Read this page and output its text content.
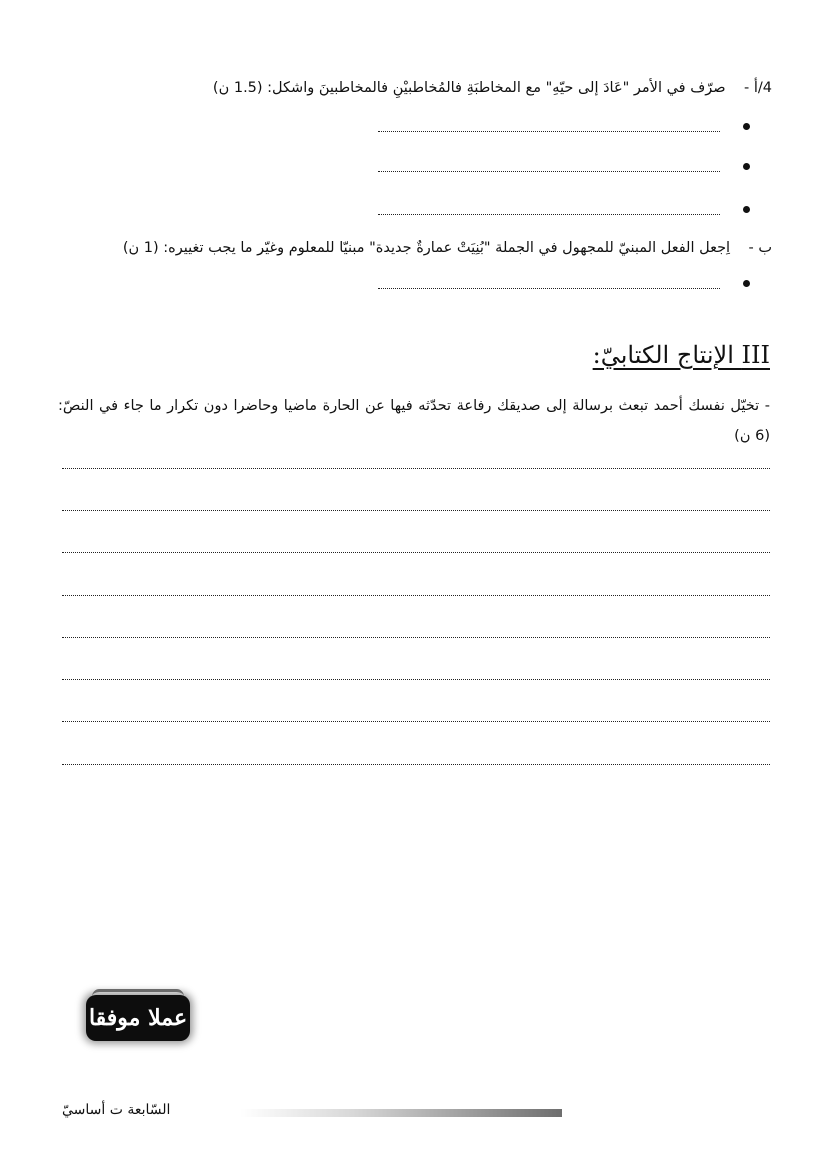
4/أ -    صرّف في الأمر "عَادَ إلى حيّهِ" مع المخاطبَةِ فالمُخاطبيْنِ فالمخاطبينَ واشكل: (1.5 ن)
ب -    اِجعل الفعل المبنيّ للمجهول في الجملة "بُنِيَتْ عمارةٌ جديدة" مبنيّا للمعلوم وغيّر ما يجب تغييره: (1 ن)
III الإنتاج الكتابيّ:
- تخيّل نفسك أحمد تبعث برسالة إلى صديقك رفاعة تحدّثه فيها عن الحارة ماضيا وحاضرا دون تكرار ما جاء في النصّ: (6 ن)
عملا موفقا
السّابعة ت أساسيّ
